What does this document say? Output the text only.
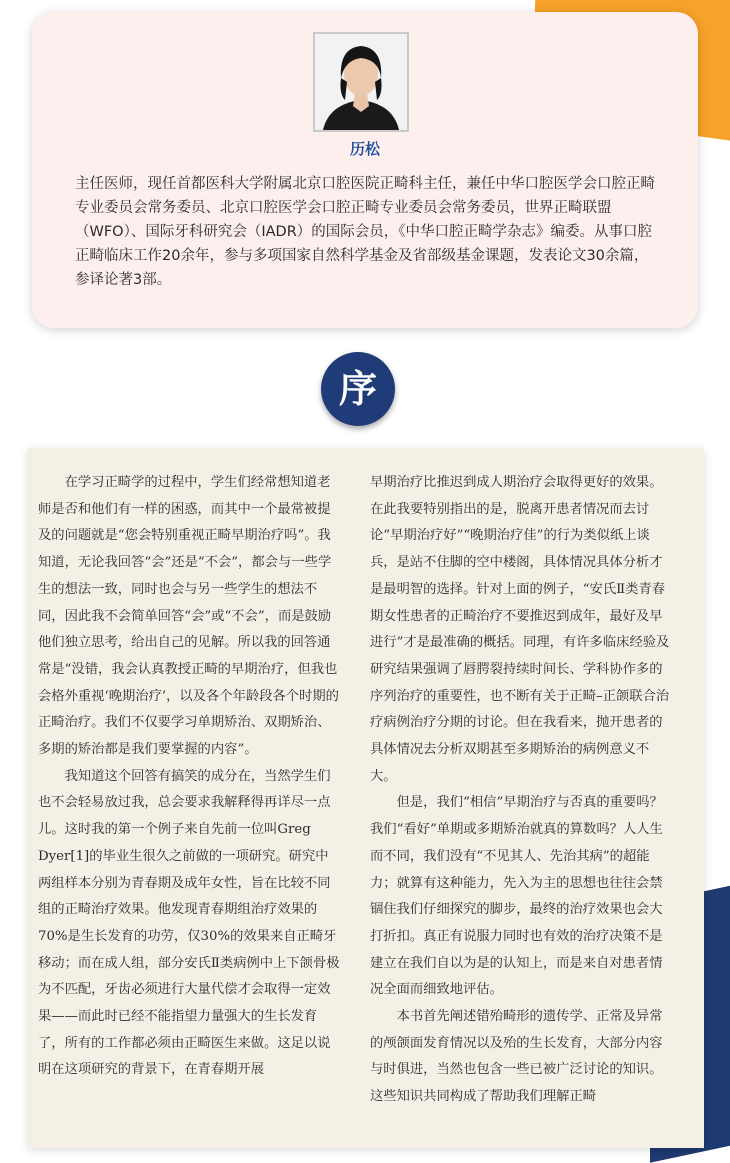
历松

主任医师，现任首都医科大学附属北京口腔医院正畸科主任，兼任中华口腔医学会口腔正畸专业委员会常务委员、北京口腔医学会口腔正畸专业委员会常务委员，世界正畸联盟（WFO）、国际牙科研究会（IADR）的国际会员，《中华口腔正畸学杂志》编委。从事口腔正畸临床工作20余年，参与多项国家自然科学基金及省部级基金课题，发表论文30余篇，参译论著3部。

序

在学习正畸学的过程中，学生们经常想知道老师是否和他们有一样的困惑，而其中一个最常被提及的问题就是“您会特别重视正畸早期治疗吗”。我知道，无论我回答“会”还是“不会”，都会与一些学生的想法一致，同时也会与另一些学生的想法不同，因此我不会简单回答“会”或“不会”，而是鼓励他们独立思考，给出自己的见解。所以我的回答通常是“没错，我会认真教授正畸的早期治疗，但我也会格外重视‘晚期治疗’，以及各个年龄段各个时期的正畸治疗。我们不仅要学习单期矫治、双期矫治、多期的矫治都是我们要掌握的内容”。

我知道这个回答有搞笑的成分在，当然学生们也不会轻易放过我，总会要求我解释得再详尽一点儿。这时我的第一个例子来自先前一位叫Greg Dyer[1]的毕业生很久之前做的一项研究。研究中两组样本分别为青春期及成年女性，旨在比较不同组的正畸治疗效果。他发现青春期组治疗效果的70%是生长发育的功劳，仅30%的效果来自正畸牙移动；而在成人组，部分安氏Ⅱ类病例中上下颌骨极为不匹配，牙齿必须进行大量代偿才会取得一定效果——而此时已经不能指望力量强大的生长发育了，所有的工作都必须由正畸医生来做。这足以说明在这项研究的背景下，在青春期开展

早期治疗比推迟到成人期治疗会取得更好的效果。在此我要特别指出的是，脱离开患者情况而去讨论“早期治疗好”“晚期治疗佳”的行为类似纸上谈兵，是站不住脚的空中楼阁，具体情况具体分析才是最明智的选择。针对上面的例子，“安氏Ⅱ类青春期女性患者的正畸治疗不要推迟到成年，最好及早进行”才是最准确的概括。同理，有许多临床经验及研究结果强调了唇腭裂持续时间长、学科协作多的序列治疗的重要性，也不断有关于正畸–正颌联合治疗病例治疗分期的讨论。但在我看来，抛开患者的具体情况去分析双期甚至多期矫治的病例意义不大。

但是，我们“相信”早期治疗与否真的重要吗？我们“看好”单期或多期矫治就真的算数吗？人人生而不同，我们没有“不见其人、先治其病”的超能力；就算有这种能力，先入为主的思想也往往会禁锢住我们仔细探究的脚步，最终的治疗效果也会大打折扣。真正有说服力同时也有效的治疗决策不是建立在我们自以为是的认知上，而是来自对患者情况全面而细致地评估。

本书首先阐述错殆畸形的遗传学、正常及异常的颅颌面发育情况以及殆的生长发育，大部分内容与时俱进，当然也包含一些已被广泛讨论的知识。这些知识共同构成了帮助我们理解正畸
